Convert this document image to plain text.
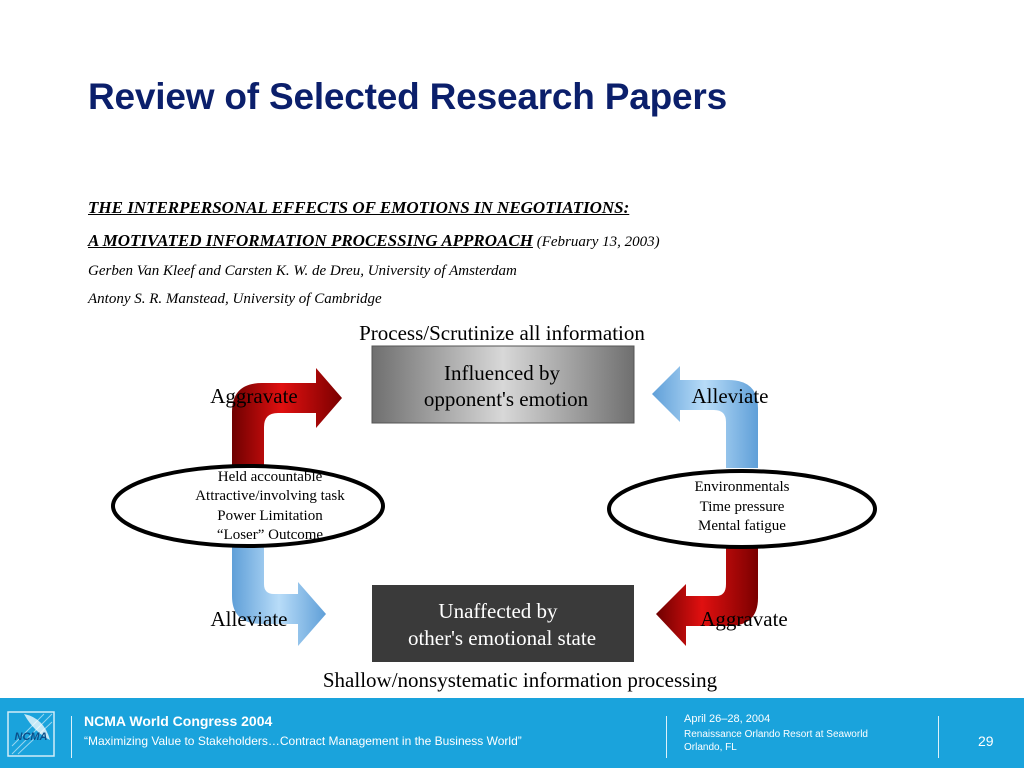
Review of Selected Research Papers
THE INTERPERSONAL EFFECTS OF EMOTIONS IN NEGOTIATIONS:
A MOTIVATED INFORMATION PROCESSING APPROACH (February 13, 2003)
Gerben Van Kleef and Carsten K. W. de Dreu, University of Amsterdam
Antony S. R. Manstead, University of Cambridge
Process/Scrutinize all information
Influenced by
opponent's emotion
Unaffected by
other's emotional state
Aggravate
Alleviate
Alleviate
Aggravate
Held accountable
Attractive/involving task
Power Limitation
“Loser” Outcome
Environmentals
Time pressure
Mental fatigue
Shallow/nonsystematic information processing
NCMA
NCMA World Congress 2004
“Maximizing Value to Stakeholders…Contract Management in the Business World”
April 26–28, 2004
Renaissance Orlando Resort at Seaworld
Orlando, FL	29
